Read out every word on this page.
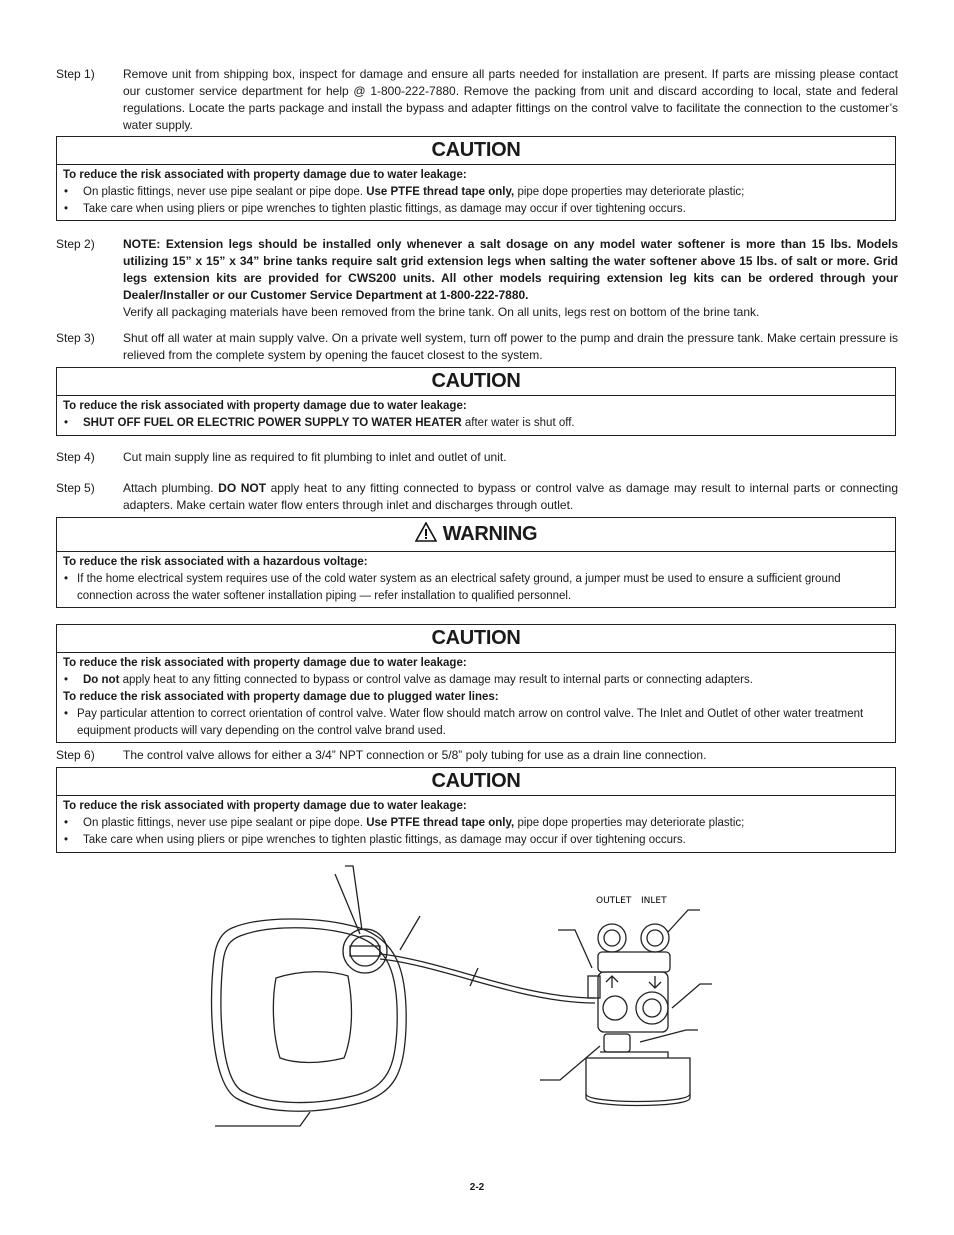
Step 1)	Remove unit from shipping box, inspect for damage and ensure all parts needed for installation are present. If parts are missing please contact our customer service department for help @ 1-800-222-7880. Remove the packing from unit and discard according to local, state and federal regulations. Locate the parts package and install the bypass and adapter fittings on the control valve to facilitate the connection to the customer’s water supply.
CAUTION
To reduce the risk associated with property damage due to water leakage:
• On plastic fittings, never use pipe sealant or pipe dope. Use PTFE thread tape only, pipe dope properties may deteriorate plastic;
• Take care when using pliers or pipe wrenches to tighten plastic fittings, as damage may occur if over tightening occurs.
Step 2)	NOTE: Extension legs should be installed only whenever a salt dosage on any model water softener is more than 15 lbs. Models utilizing 15” x 15” x 34” brine tanks require salt grid extension legs when salting the water softener above 15 lbs. of salt or more. Grid legs extension kits are provided for CWS200 units. All other models requiring extension leg kits can be ordered through your Dealer/Installer or our Customer Service Department at 1-800-222-7880.
Verify all packaging materials have been removed from the brine tank. On all units, legs rest on bottom of the brine tank.
Step 3)	Shut off all water at main supply valve. On a private well system, turn off power to the pump and drain the pressure tank. Make certain pressure is relieved from the complete system by opening the faucet closest to the system.
CAUTION
To reduce the risk associated with property damage due to water leakage:
• SHUT OFF FUEL OR ELECTRIC POWER SUPPLY TO WATER HEATER after water is shut off.
Step 4)	Cut main supply line as required to fit plumbing to inlet and outlet of unit.
Step 5)	Attach plumbing. DO NOT apply heat to any fitting connected to bypass or control valve as damage may result to internal parts or connecting adapters. Make certain water flow enters through inlet and discharges through outlet.
WARNING
To reduce the risk associated with a hazardous voltage:
• If the home electrical system requires use of the cold water system as an electrical safety ground, a jumper must be used to ensure a sufficient ground connection across the water softener installation piping — refer installation to qualified personnel.
CAUTION
To reduce the risk associated with property damage due to water leakage:
• Do not apply heat to any fitting connected to bypass or control valve as damage may result to internal parts or connecting adapters.
To reduce the risk associated with property damage due to plugged water lines:
• Pay particular attention to correct orientation of control valve. Water flow should match arrow on control valve. The Inlet and Outlet of other water treatment equipment products will vary depending on the control valve brand used.
Step 6)	The control valve allows for either a 3/4” NPT connection or 5/8” poly tubing for use as a drain line connection.
CAUTION
To reduce the risk associated with property damage due to water leakage:
• On plastic fittings, never use pipe sealant or pipe dope. Use PTFE thread tape only, pipe dope properties may deteriorate plastic;
• Take care when using pliers or pipe wrenches to tighten plastic fittings, as damage may occur if over tightening occurs.
OUTLET INLET
2-2
